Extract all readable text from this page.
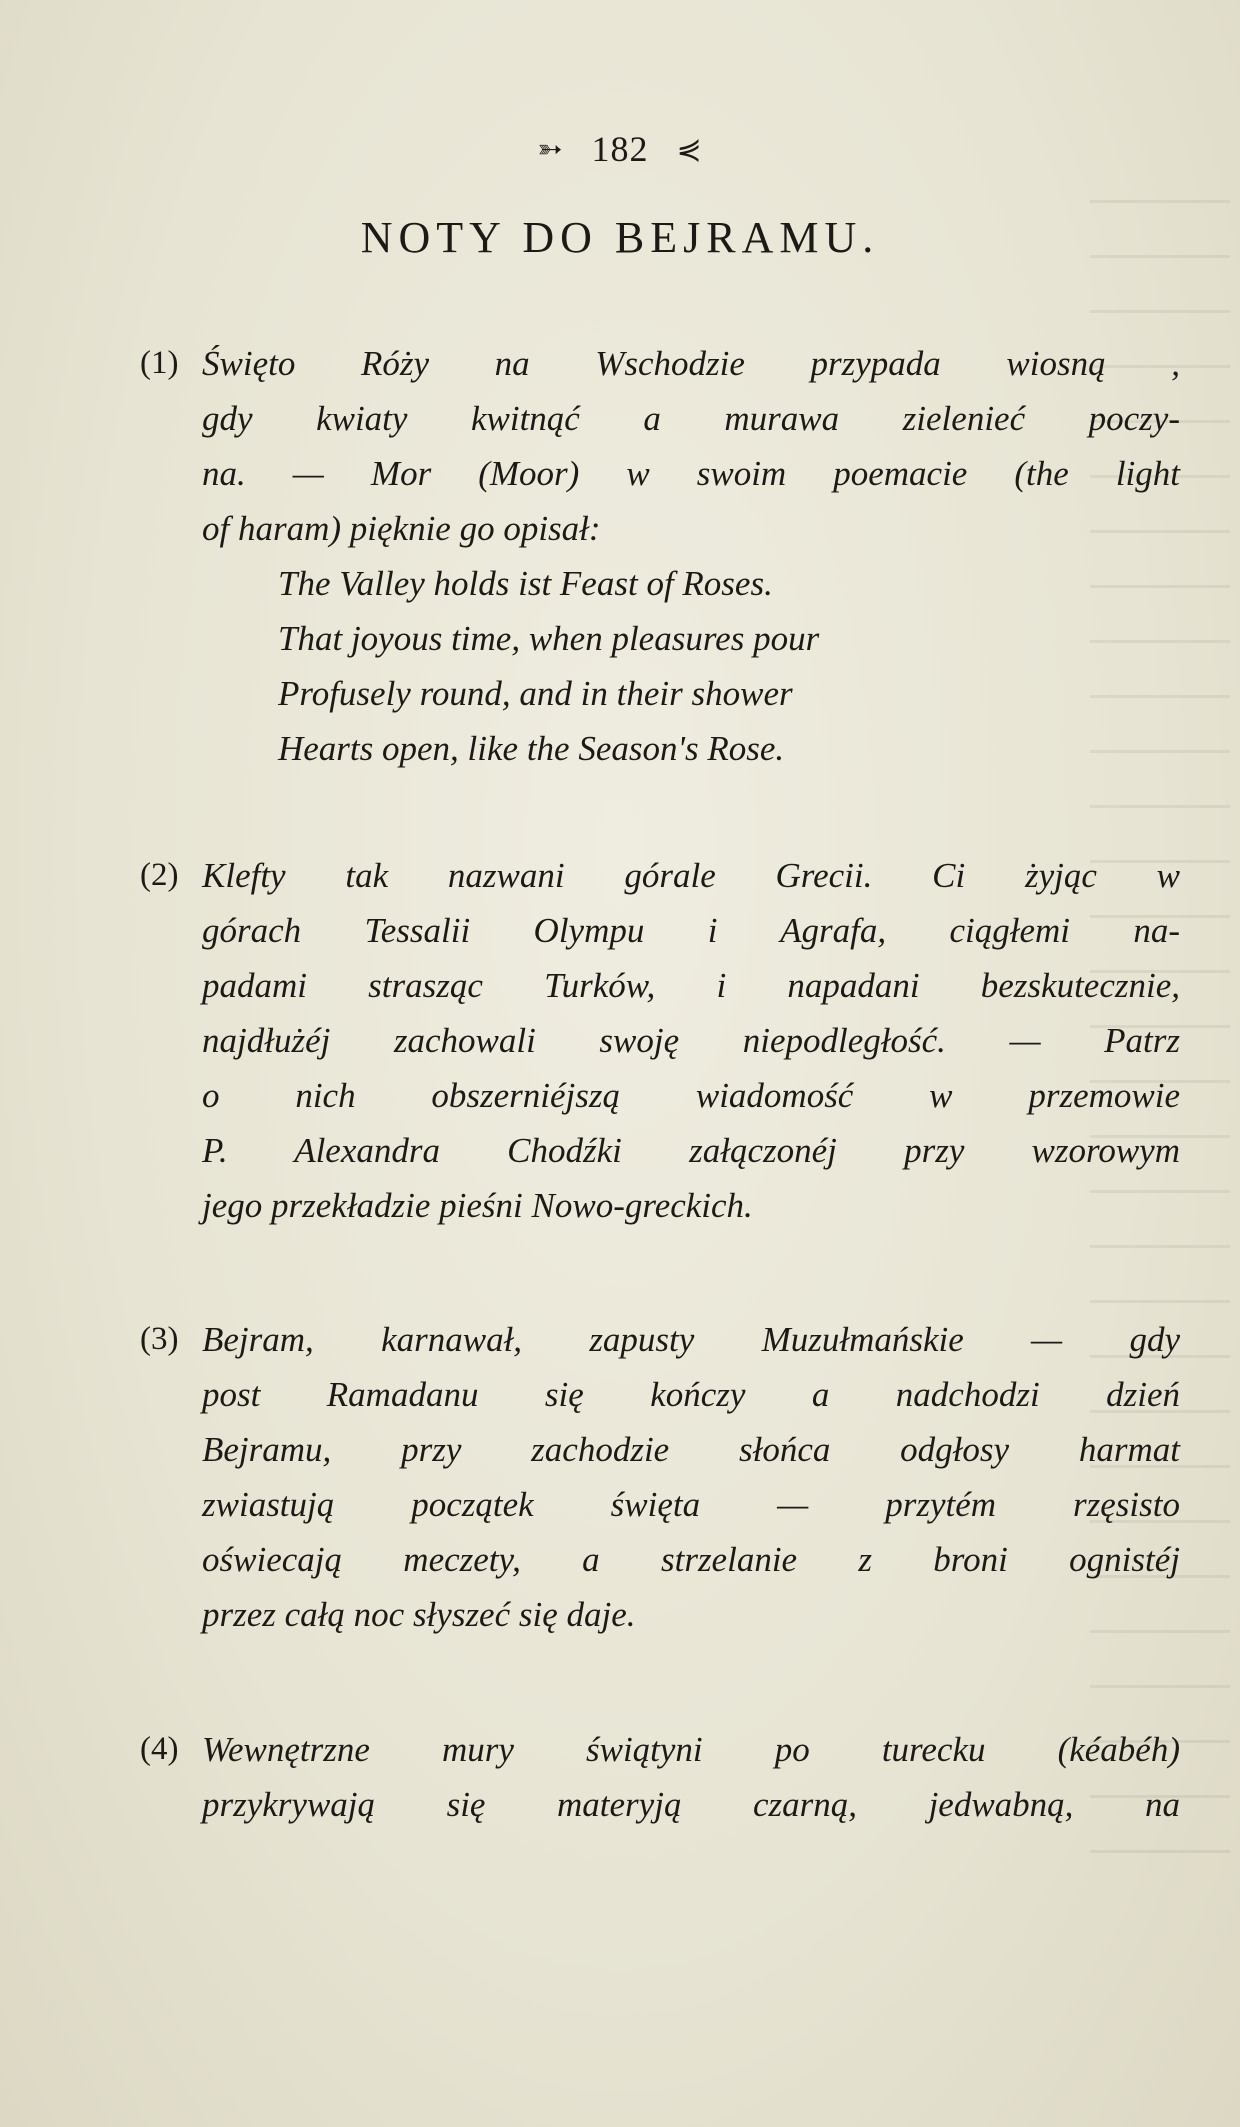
➳ 182 ⋞
NOTY DO BEJRAMU.
(1) Święto Róży na Wschodzie przypada wiosną ,
gdy kwiaty kwitnąć a murawa zielenieć poczy-
na. — Mor (Moor) w swoim poemacie (the light
of haram) pięknie go opisał:
The Valley holds ist Feast of Roses.
That joyous time, when pleasures pour
Profusely round, and in their shower
Hearts open, like the Season's Rose.
(2) Klefty tak nazwani górale Grecii. Ci żyjąc w
górach Tessalii Olympu i Agrafa, ciągłemi na-
padami strasząc Turków, i napadani bezskutecznie,
najdłużéj zachowali swoję niepodległość. — Patrz
o nich obszerniéjszą wiadomość w przemowie
P. Alexandra Chodźki załączonéj przy wzorowym
jego przekładzie pieśni Nowo-greckich.
(3) Bejram, karnawał, zapusty Muzułmańskie — gdy
post Ramadanu się kończy a nadchodzi dzień
Bejramu, przy zachodzie słońca odgłosy harmat
zwiastują początek święta — przytém rzęsisto
oświecają meczety, a strzelanie z broni ognistéj
przez całą noc słyszeć się daje.
(4) Wewnętrzne mury świątyni po turecku (kéabéh)
przykrywają się materyją czarną, jedwabną, na
